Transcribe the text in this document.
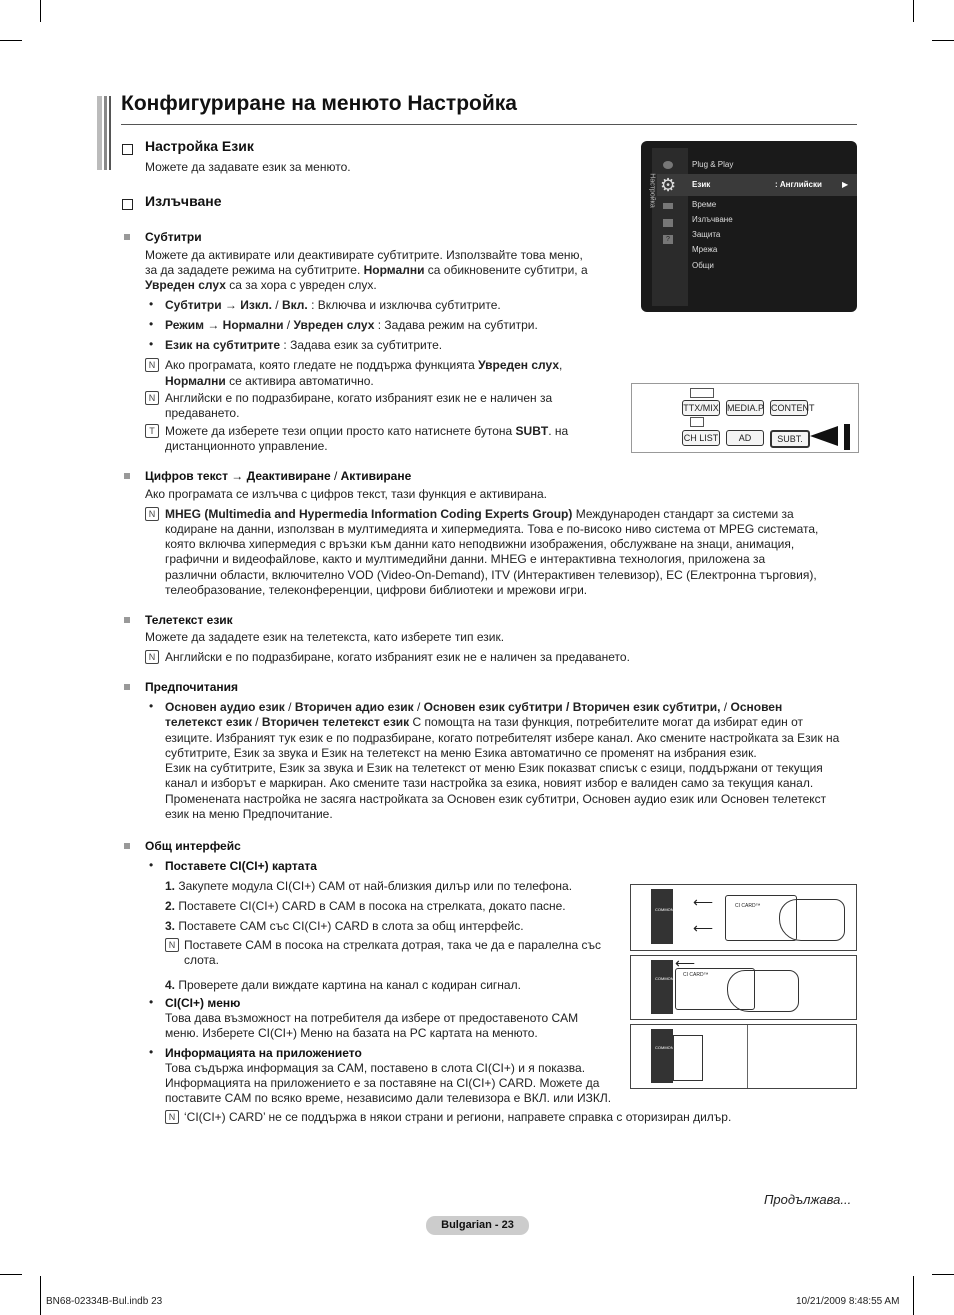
Конфигуриране на менюто Настройка
Настройка Език
Можете да задавате език за менюто.
Излъчване
Субтитри
Можете да активирате или деактивирате субтитрите. Използвайте това меню,
за да зададете режима на субтитрите. Нормални са обикновените субтитри, а
Увреден слух са за хора с увреден слух.
• Субтитри → Изкл. / Вкл. : Включва и изключва субтитрите.
• Режим → Нормални / Увреден слух : Задава режим на субтитри.
• Език на субтитрите : Задава език за субтитрите.
N Ако програмата, която гледате не поддържа функцията Увреден слух,
Нормални се активира автоматично.
N Английски е по подразбиране, когато избраният език не е наличен за
предаването.
T Можете да изберете тези опции просто като натиснете бутона SUBT. на
дистанционното управление.
Настройка ⚙
?
Plug & Play
Език	: Английски	▶
Време
Излъчване
Защита
Мрежа
Общи
TTX/MIX MEDIA.P CONTENT
CH LIST	AD	SUBT.
Цифров текст → Деактивиране / Активиране
Ако програмата се излъчва с цифров текст, тази функция е активирана.
N MHEG (Multimedia and Hypermedia Information Coding Experts Group) Международен стандарт за системи за
кодиране на данни, използван в мултимедията и хипермедията. Това е по-високо ниво система от MPEG системата,
която включва хипермедия с връзки към данни като неподвижни изображения, обслужване на знаци, анимация,
графични и видеофайлове, както и мултимедийни данни. MHEG е интерактивна технология, приложена за
различни области, включително VOD (Video-On-Demand), ITV (Интерактивен телевизор), EC (Електронна търговия),
телеобразование, телеконференции, цифрови библиотеки и мрежови игри.
Телетекст език
Можете да зададете език на телетекста, като изберете тип език.
N Английски е по подразбиране, когато избраният език не е наличен за предаването.
Предпочитания
• Основен аудио език / Вторичен адио език / Основен език субтитри / Вторичен език субтитри, / Основен
телетекст език / Вторичен телетекст език С помощта на тази функция, потребителите могат да избират един от
езиците. Избраният тук език е по подразбиране, когато потребителят избере канал. Ако смените настройката за Език на
субтитрите, Език за звука и Език на телетекст на меню Езика автоматично се променят на избрания език.
Език на субтитрите, Език за звука и Език на телетекст от меню Език показват списък с езици, поддържани от текущия
канал и изборът е маркиран. Ако смените тази настройка за езика, новият избор е валиден само за текущия канал.
Променената настройка не засяга настройката за Основен език субтитри, Основен аудио език или Основен телетекст
език на меню Предпочитание.
Общ интерфейс
• Поставете CI(CI+) картата
1. Закупете модула CI(CI+) CAM от най-близкия дилър или по телефона.
2. Поставете CI(CI+) CARD в CAM в посока на стрелката, докато пасне.
3. Поставете CAM със CI(CI+) CARD в слота за общ интерфейс.
N Поставете CAM в посока на стрелката дотрая, така че да е паралелна със
слота.
4. Проверете дали виждате картина на канал с кодиран сигнал.
• CI(CI+) меню
Това дава възможност на потребителя да избере от предоставеното CAM
меню. Изберете CI(CI+) Меню на базата на PC картата на менюто.
• Информацията на приложението
Това съдържа информация за CAM, поставено в слота CI(CI+) и я показва.
Информацията на приложението е за поставяне на CI(CI+) CARD. Можете да
поставите CAM по всяко време, независимо дали телевизора е ВКЛ. или ИЗКЛ.
N ‘CI(CI+) CARD’ не се поддържа в някои страни и региони, направете справка с оторизиран дилър.
COMMON INTERFACE
⟵
⟵
CI CARD™
COMMON INTERFACE
⟵
CI CARD™
COMMON INTERFACE
Продължава...
Bulgarian - 23
BN68-02334B-Bul.indb 23	10/21/2009 8:48:55 AM
